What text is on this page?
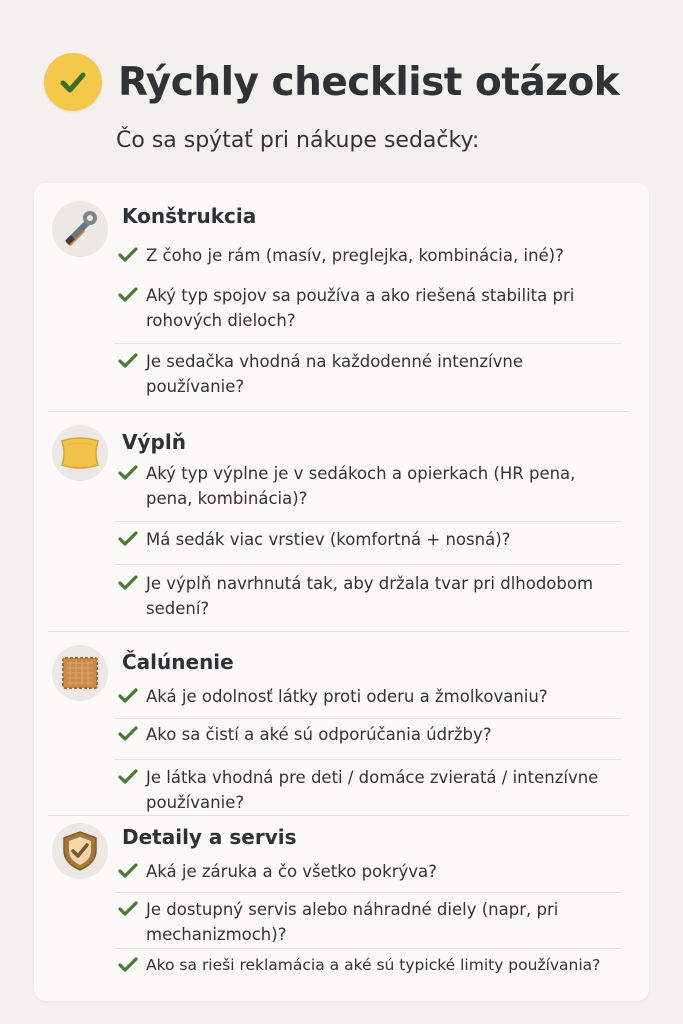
Rýchly checklist otázok
Čo sa spýtať pri nákupe sedačky:
Konštrukcia
Z čoho je rám (masív, preglejka, kombinácia, iné)?
Aký typ spojov sa používa a ako riešená stabilita pri rohových dieloch?
Je sedačka vhodná na každodenné intenzívne používanie?
Výplň
Aký typ výplne je v sedákoch a opierkach (HR pena, pena, kombinácia)?
Má sedák viac vrstiev (komfortná + nosná)?
Je výplň navrhnutá tak, aby držala tvar pri dlhodobom sedení?
Čalúnenie
Aká je odolnosť látky proti oderu a žmolkovaniu?
Ako sa čistí a aké sú odporúčania údržby?
Je látka vhodná pre deti / domáce zvieratá / intenzívne používanie?
Detaily a servis
Aká je záruka a čo všetko pokrýva?
Je dostupný servis alebo náhradné diely (napr, pri mechanizmoch)?
Ako sa rieši reklamácia a aké sú typické limity používania?
